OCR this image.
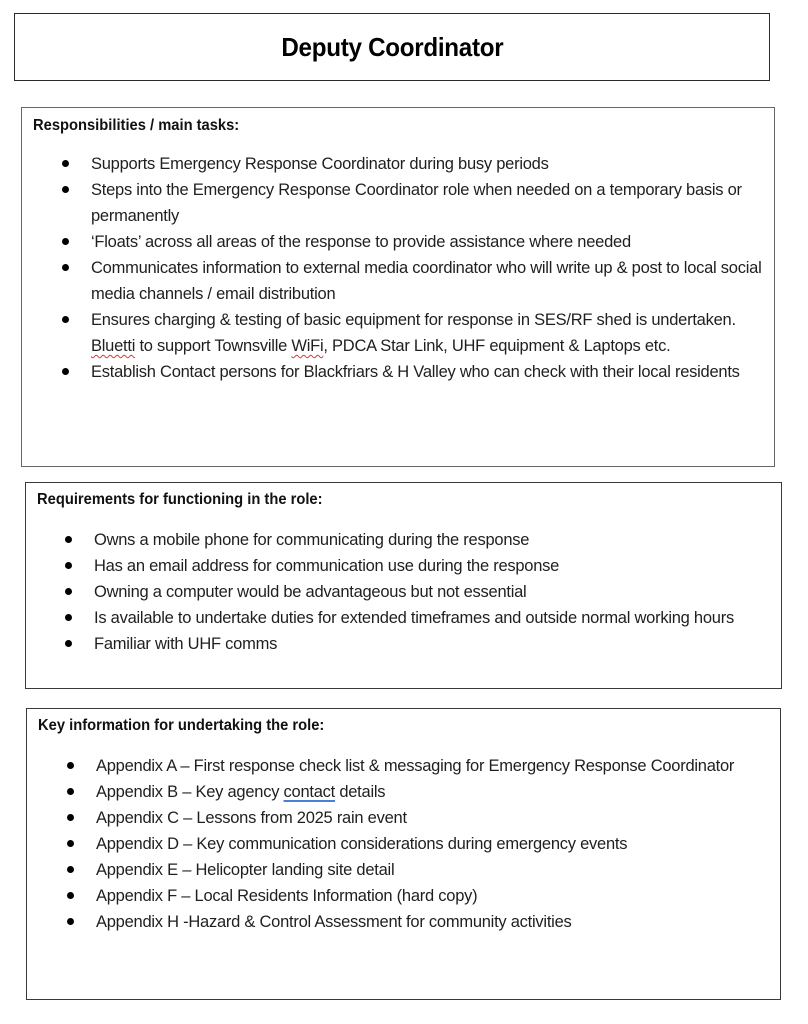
Deputy Coordinator

Responsibilities / main tasks:

Supports Emergency Response Coordinator during busy periods
Steps into the Emergency Response Coordinator role when needed on a temporary basis or permanently
‘Floats’ across all areas of the response to provide assistance where needed
Communicates information to external media coordinator who will write up & post to local social media channels / email distribution
Ensures charging & testing of basic equipment for response in SES/RF shed is undertaken. Bluetti to support Townsville WiFi, PDCA Star Link, UHF equipment & Laptops etc.
Establish Contact persons for Blackfriars & H Valley who can check with their local residents

Requirements for functioning in the role:

Owns a mobile phone for communicating during the response
Has an email address for communication use during the response
Owning a computer would be advantageous but not essential
Is available to undertake duties for extended timeframes and outside normal working hours
Familiar with UHF comms

Key information for undertaking the role:

Appendix A – First response check list & messaging for Emergency Response Coordinator
Appendix B – Key agency contact details
Appendix C – Lessons from 2025 rain event
Appendix D – Key communication considerations during emergency events
Appendix E – Helicopter landing site detail
Appendix F – Local Residents Information (hard copy)
Appendix H -Hazard & Control Assessment for community activities
